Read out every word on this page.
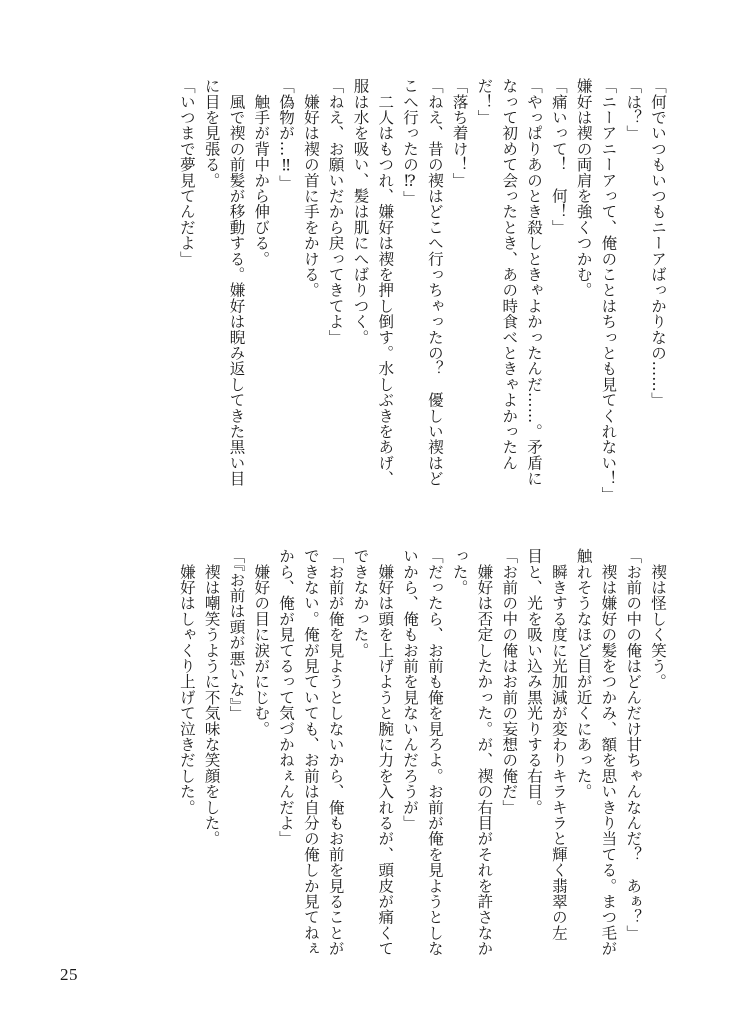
「何でいつもいつもニーアばっかりなの……」
「は？」
「ニーアニーアって、俺のことはちっとも見てくれない！」
嫌好は禊の両肩を強くつかむ。
「痛いって！　何！」
「やっぱりあのとき殺しときゃよかったんだ……。矛盾に
なって初めて会ったとき、あの時食べときゃよかったん
だ！」
「落ち着け！」
「ねえ、昔の禊はどこへ行っちゃったの？　優しい禊はど
こへ行ったの⁉」
　二人はもつれ、嫌好は禊を押し倒す。水しぶきをあげ、
服は水を吸い、髪は肌にへばりつく。
「ねえ、お願いだから戻ってきてよ」
　嫌好は禊の首に手をかける。
「偽物が…‼」
　触手が背中から伸びる。
　風で禊の前髪が移動する。嫌好は睨み返してきた黒い目
に目を見張る。
「いつまで夢見てんだよ」
　禊は怪しく笑う。
「お前の中の俺はどんだけ甘ちゃんなんだ？　あぁ？」
　禊は嫌好の髪をつかみ、額を思いきり当てる。まつ毛が
触れそうなほど目が近くにあった。
　瞬きする度に光加減が変わりキラキラと輝く翡翠の左
目と、光を吸い込み黒光りする右目。
「お前の中の俺はお前の妄想の俺だ」
　嫌好は否定したかった。が、禊の右目がそれを許さなか
った。
「だったら、お前も俺を見ろよ。お前が俺を見ようとしな
いから、俺もお前を見ないんだろうが」
　嫌好は頭を上げようと腕に力を入れるが、頭皮が痛くて
できなかった。
「お前が俺を見ようとしないから、俺もお前を見ることが
できない。俺が見ていても、お前は自分の俺しか見てねぇ
から、俺が見てるって気づかねぇんだよ」
　嫌好の目に涙がにじむ。
「『お前は頭が悪いな』」
　禊は嘲笑うように不気味な笑顔をした。
　嫌好はしゃくり上げて泣きだした。
25
